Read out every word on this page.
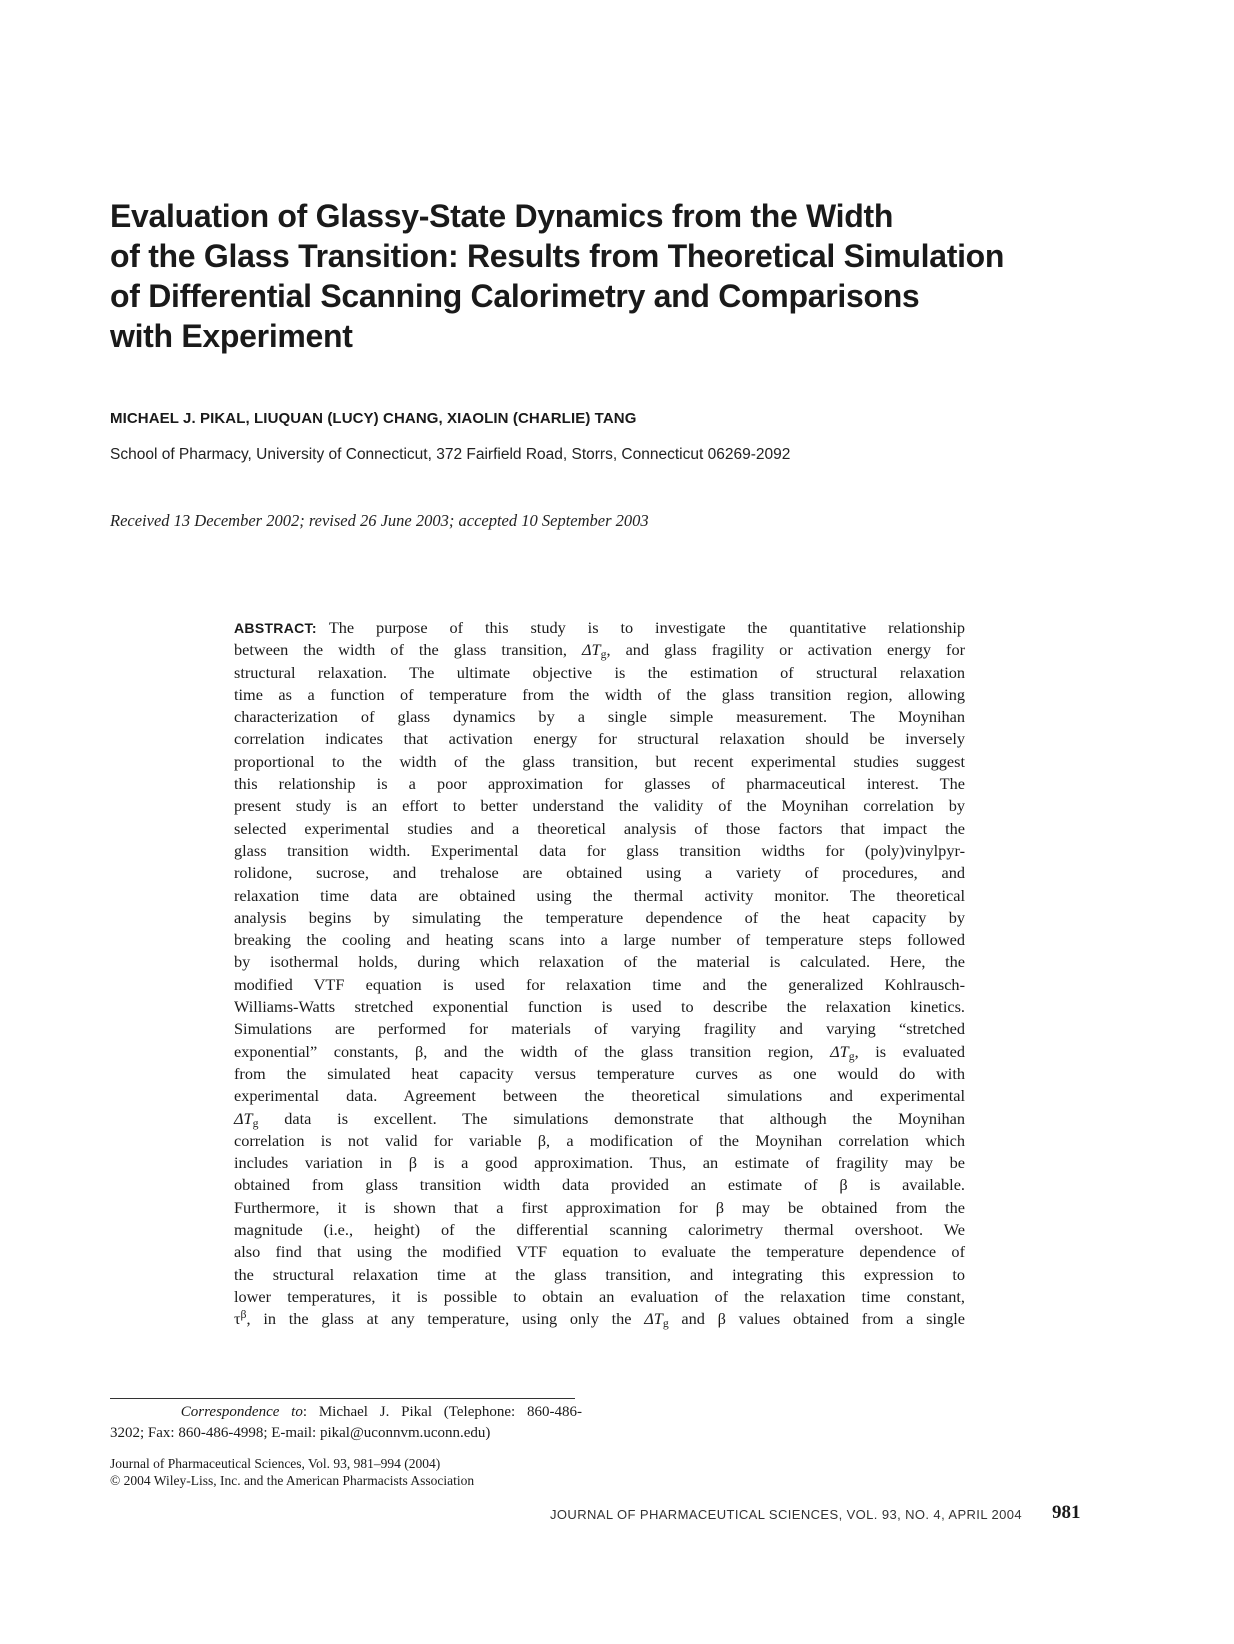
Evaluation of Glassy-State Dynamics from the Width
of the Glass Transition: Results from Theoretical Simulation
of Differential Scanning Calorimetry and Comparisons
with Experiment
MICHAEL J. PIKAL, LIUQUAN (LUCY) CHANG, XIAOLIN (CHARLIE) TANG
School of Pharmacy, University of Connecticut, 372 Fairfield Road, Storrs, Connecticut 06269-2092
Received 13 December 2002; revised 26 June 2003; accepted 10 September 2003
ABSTRACT: The purpose of this study is to investigate the quantitative relationship
between the width of the glass transition, $\Delta T_g$, and glass fragility or activation energy for
structural relaxation. The ultimate objective is the estimation of structural relaxation
time as a function of temperature from the width of the glass transition region, allowing
characterization of glass dynamics by a single simple measurement. The Moynihan
correlation indicates that activation energy for structural relaxation should be inversely
proportional to the width of the glass transition, but recent experimental studies suggest
this relationship is a poor approximation for glasses of pharmaceutical interest. The
present study is an effort to better understand the validity of the Moynihan correlation by
selected experimental studies and a theoretical analysis of those factors that impact the
glass transition width. Experimental data for glass transition widths for (poly)vinylpyr-
rolidone, sucrose, and trehalose are obtained using a variety of procedures, and
relaxation time data are obtained using the thermal activity monitor. The theoretical
analysis begins by simulating the temperature dependence of the heat capacity by
breaking the cooling and heating scans into a large number of temperature steps followed
by isothermal holds, during which relaxation of the material is calculated. Here, the
modified VTF equation is used for relaxation time and the generalized Kohlrausch-
Williams-Watts stretched exponential function is used to describe the relaxation kinetics.
Simulations are performed for materials of varying fragility and varying “stretched
exponential” constants, β, and the width of the glass transition region, $\Delta T_g$, is evaluated
from the simulated heat capacity versus temperature curves as one would do with
experimental data. Agreement between the theoretical simulations and experimental
$\Delta T_g$ data is excellent. The simulations demonstrate that although the Moynihan
correlation is not valid for variable β, a modification of the Moynihan correlation which
includes variation in β is a good approximation. Thus, an estimate of fragility may be
obtained from glass transition width data provided an estimate of β is available.
Furthermore, it is shown that a first approximation for β may be obtained from the
magnitude (i.e., height) of the differential scanning calorimetry thermal overshoot. We
also find that using the modified VTF equation to evaluate the temperature dependence of
the structural relaxation time at the glass transition, and integrating this expression to
lower temperatures, it is possible to obtain an evaluation of the relaxation time constant,
$\tau^\beta$, in the glass at any temperature, using only the $\Delta T_g$ and β values obtained from a single
Correspondence to: Michael J. Pikal (Telephone: 860-486-
3202; Fax: 860-486-4998; E-mail: pikal@uconnvm.uconn.edu)
Journal of Pharmaceutical Sciences, Vol. 93, 981–994 (2004)
© 2004 Wiley-Liss, Inc. and the American Pharmacists Association
JOURNAL OF PHARMACEUTICAL SCIENCES, VOL. 93, NO. 4, APRIL 2004 981
